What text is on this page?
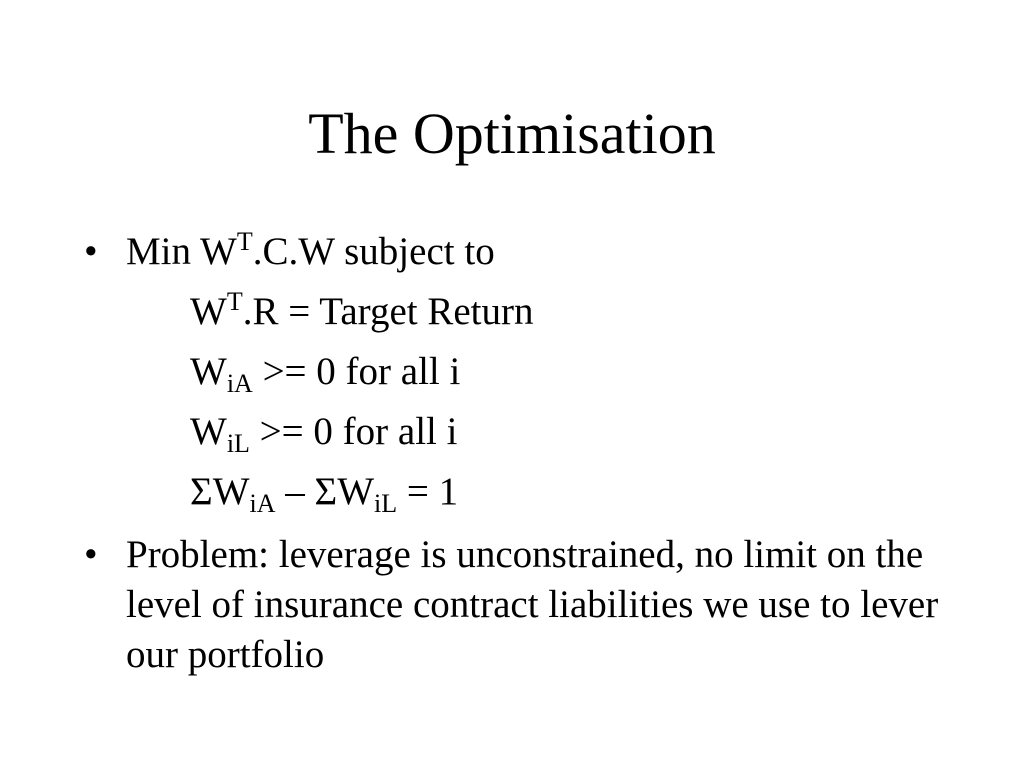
The Optimisation
• Min $W^T.C.W$ subject to
$W^T.R$ = Target Return
$W_{iA} >= 0$ for all i
$W_{iL} >= 0$ for all i
$\Sigma W_{iA} - \Sigma W_{iL} = 1$
• Problem: leverage is unconstrained, no limit on the level of insurance contract liabilities we use to lever our portfolio
